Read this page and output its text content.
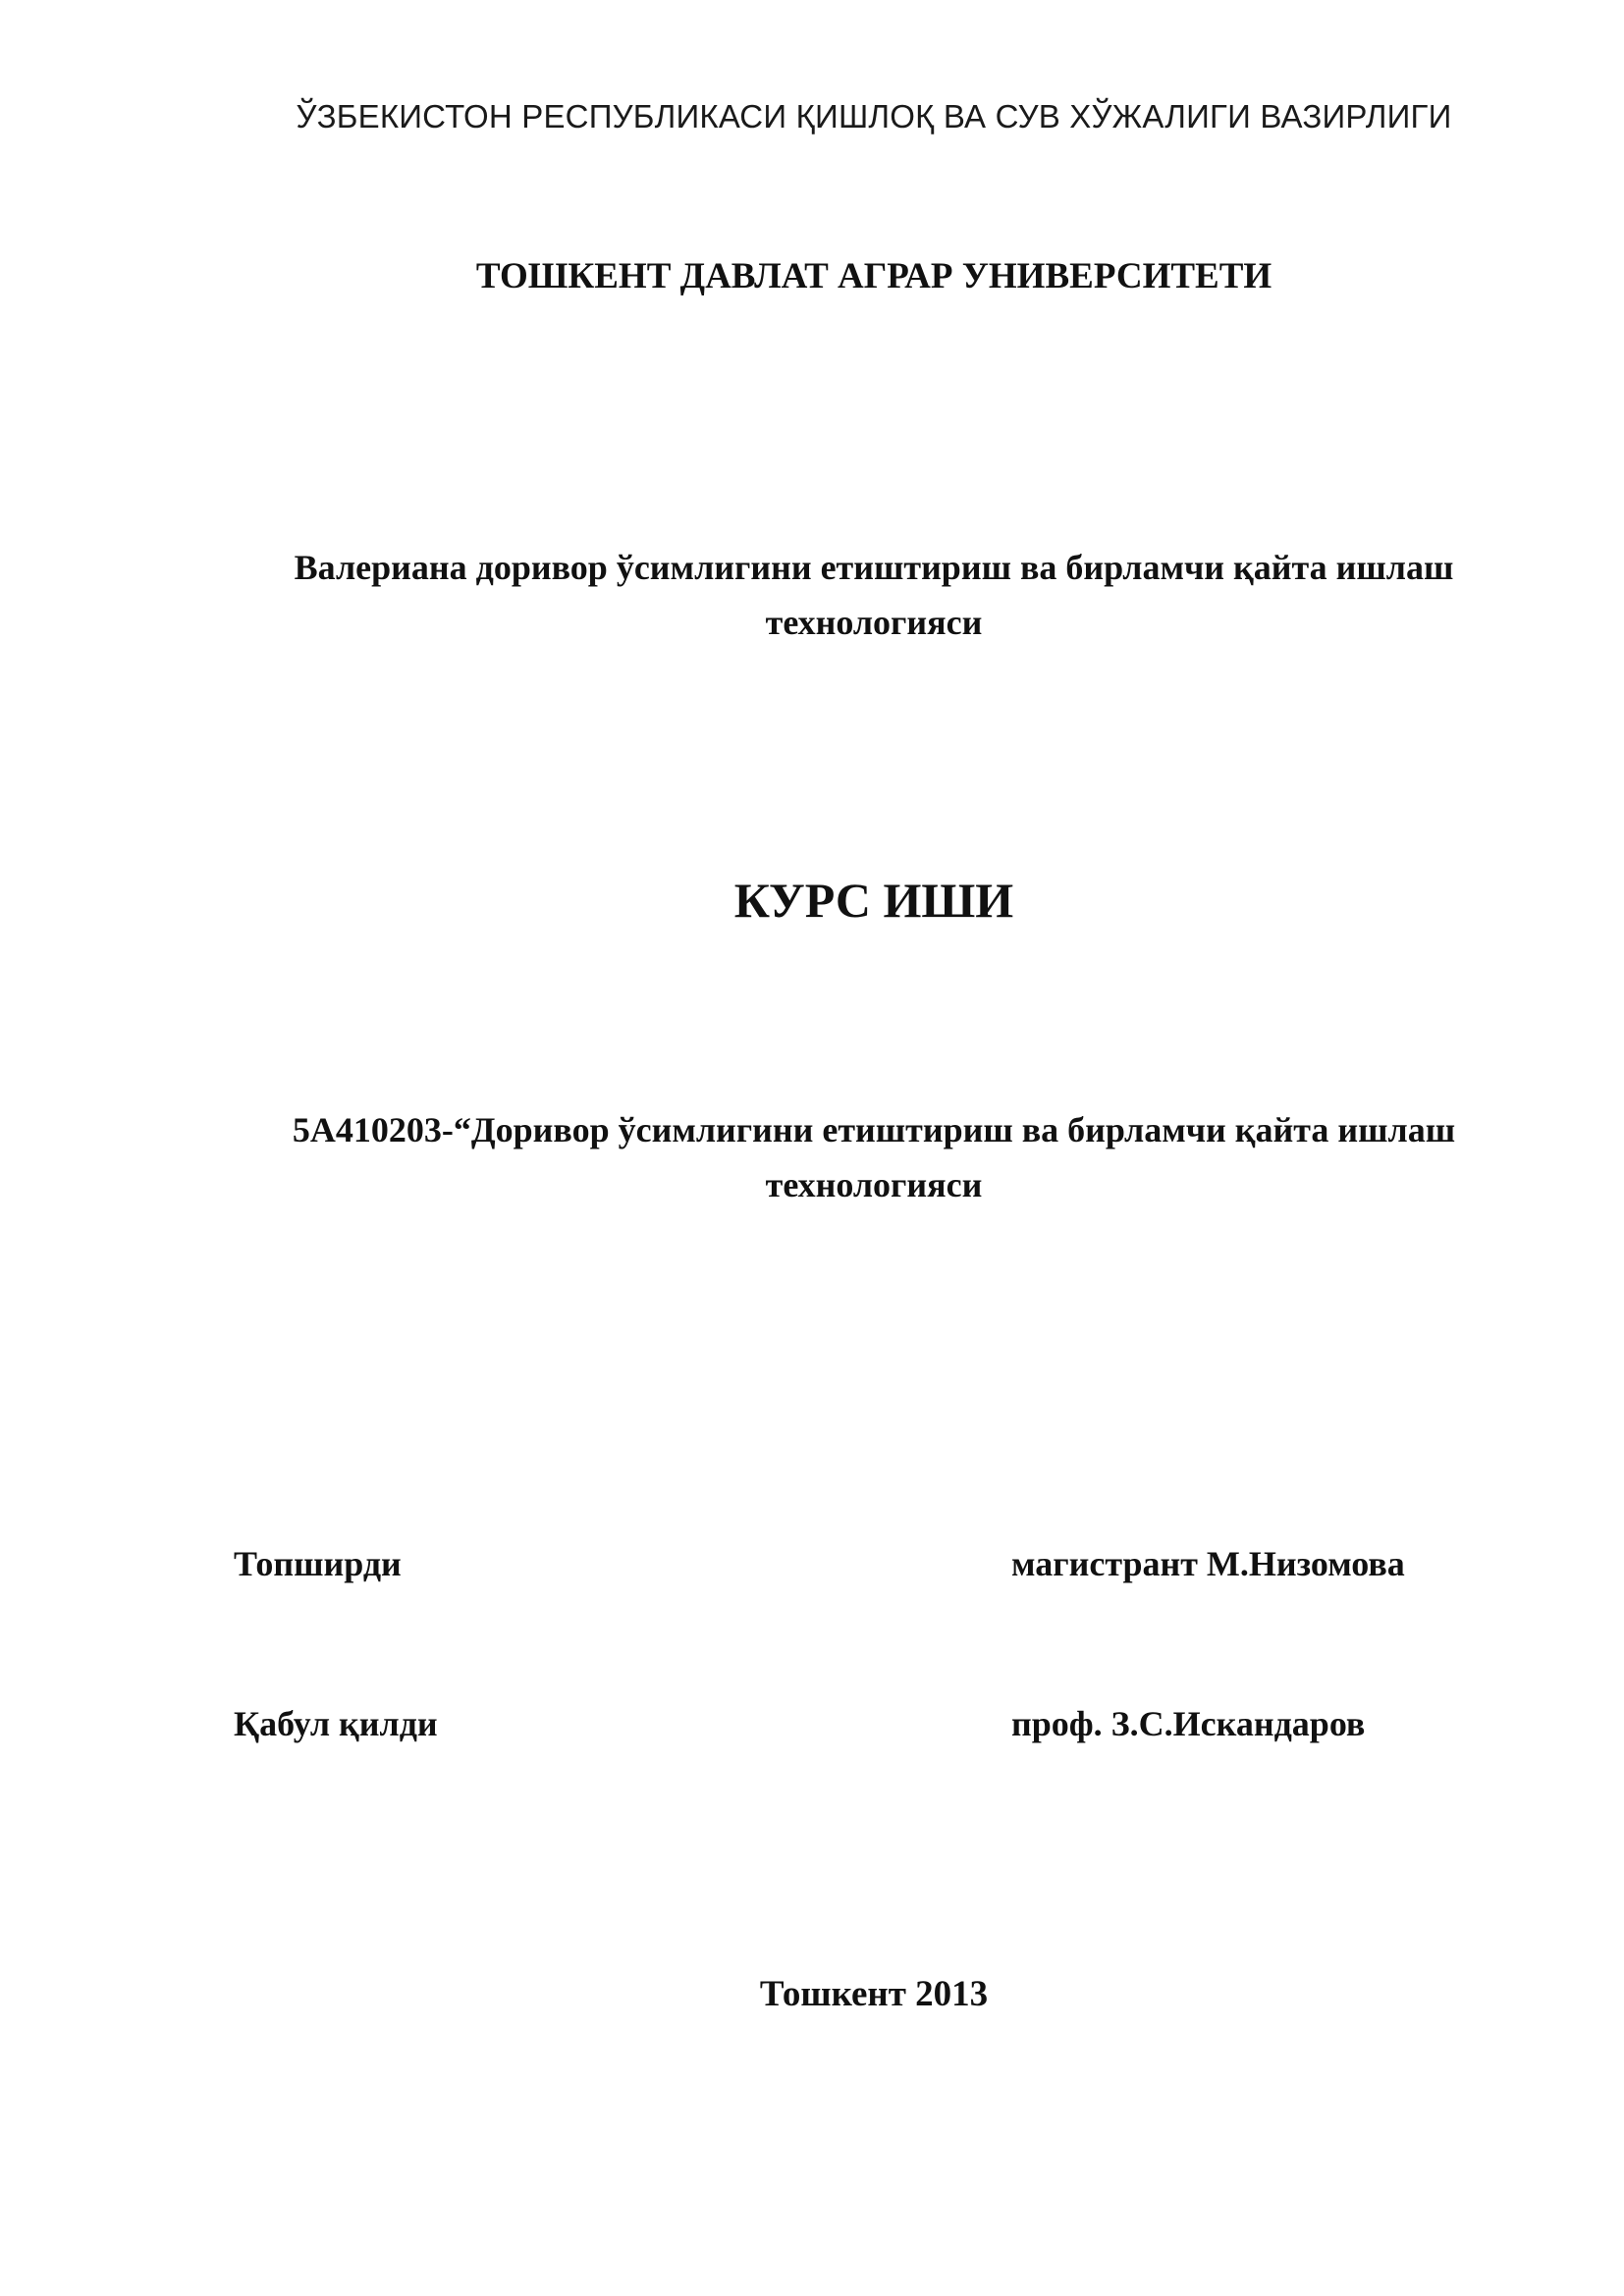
ЎЗБЕКИСТОН РЕСПУБЛИКАСИ ҚИШЛОҚ ВА СУВ ХЎЖАЛИГИ ВАЗИРЛИГИ

ТОШКЕНТ ДАВЛАТ АГРАР УНИВЕРСИТЕТИ

Валериана доривор ўсимлигини етиштириш ва бирламчи қайта ишлаш
технологияси

КУРС ИШИ

5А410203-“Доривор ўсимлигини етиштириш ва бирламчи қайта ишлаш
технологияси

Топширди	магистрант М.Низомова

Қабул қилди	проф. З.С.Искандаров

Тошкент 2013
